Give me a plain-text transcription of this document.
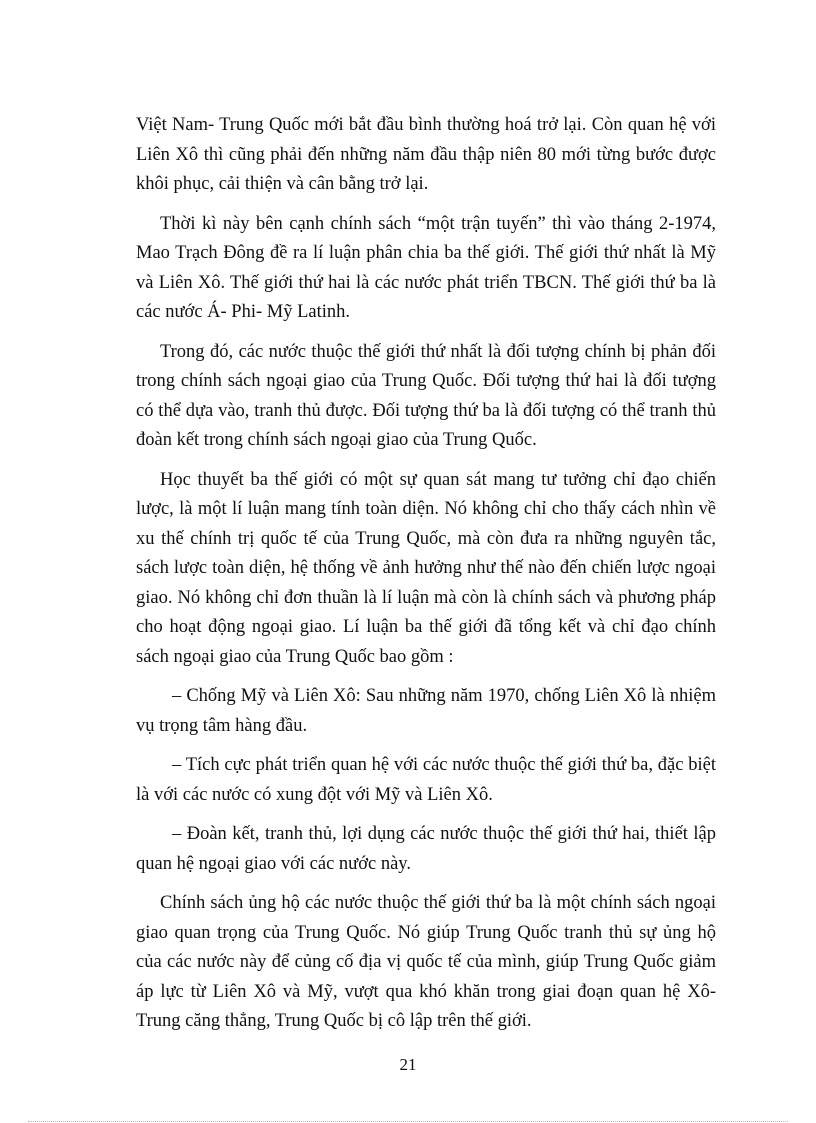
Việt Nam- Trung Quốc mới bắt đầu bình thường hoá trở lại. Còn quan hệ với Liên Xô thì cũng phải đến những năm đầu thập niên 80 mới từng bước được khôi phục, cải thiện và cân bằng trở lại.

Thời kì này bên cạnh chính sách “một trận tuyến” thì vào tháng 2-1974, Mao Trạch Đông đề ra lí luận phân chia ba thế giới. Thế giới thứ nhất là Mỹ và Liên Xô. Thế giới thứ hai là các nước phát triển TBCN. Thế giới thứ ba là các nước Á- Phi- Mỹ Latinh.

Trong đó, các nước thuộc thế giới thứ nhất là đối tượng chính bị phản đối trong chính sách ngoại giao của Trung Quốc. Đối tượng thứ hai là đối tượng có thể dựa vào, tranh thủ được. Đối tượng thứ ba là đối tượng có thể tranh thủ đoàn kết trong chính sách ngoại giao của Trung Quốc.

Học thuyết ba thế giới có một sự quan sát mang tư tưởng chỉ đạo chiến lược, là một lí luận mang tính toàn diện. Nó không chỉ cho thấy cách nhìn về xu thế chính trị quốc tế của Trung Quốc, mà còn đưa ra những nguyên tắc, sách lược toàn diện, hệ thống về ảnh hưởng như thế nào đến chiến lược ngoại giao. Nó không chỉ đơn thuần là lí luận mà còn là chính sách và phương pháp cho hoạt động ngoại giao. Lí luận ba thế giới đã tổng kết và chỉ đạo chính sách ngoại giao của Trung Quốc bao gồm :

– Chống Mỹ và Liên Xô: Sau những năm 1970, chống Liên Xô là nhiệm vụ trọng tâm hàng đầu.

– Tích cực phát triển quan hệ với các nước thuộc thế giới thứ ba, đặc biệt là với các nước có xung đột với Mỹ và Liên Xô.

– Đoàn kết, tranh thủ, lợi dụng các nước thuộc thế giới thứ hai, thiết lập quan hệ ngoại giao với các nước này.

Chính sách ủng hộ các nước thuộc thế giới thứ ba là một chính sách ngoại giao quan trọng của Trung Quốc. Nó giúp Trung Quốc tranh thủ sự ủng hộ của các nước này để củng cố địa vị quốc tế của mình, giúp Trung Quốc giảm áp lực từ Liên Xô và Mỹ, vượt qua khó khăn trong giai đoạn quan hệ Xô- Trung căng thẳng, Trung Quốc bị cô lập trên thế giới.

21
